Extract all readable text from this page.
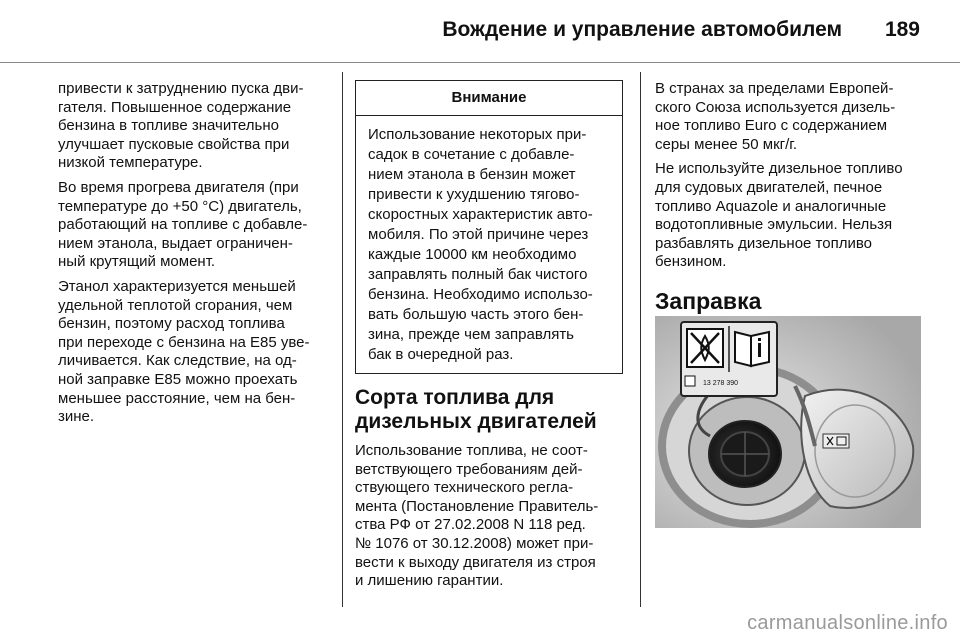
Вождение и управление автомобилем 189

привести к затруднению пуска дви-
гателя. Повышенное содержание
бензина в топливе значительно
улучшает пусковые свойства при
низкой температуре.

Во время прогрева двигателя (при
температуре до +50 °C) двигатель,
работающий на топливе с добавле-
нием этанола, выдает ограничен-
ный крутящий момент.

Этанол характеризуется меньшей
удельной теплотой сгорания, чем
бензин, поэтому расход топлива
при переходе с бензина на E85 уве-
личивается. Как следствие, на од-
ной заправке E85 можно проехать
меньшее расстояние, чем на бен-
зине.

Внимание
Использование некоторых при-
садок в сочетание с добавле-
нием этанола в бензин может
привести к ухудшению тягово-
скоростных характеристик авто-
мобиля. По этой причине через
каждые 10000 км необходимо
заправлять полный бак чистого
бензина. Необходимо использо-
вать большую часть этого бен-
зина, прежде чем заправлять
бак в очередной раз.
Сорта топлива для
дизельных двигателей

Использование топлива, не соот-
ветствующего требованиям дей-
ствующего технического регла-
мента (Постановление Правитель-
ства РФ от 27.02.2008 N 118 ред.
№ 1076 от 30.12.2008) может при-
вести к выходу двигателя из строя
и лишению гарантии.

В странах за пределами Европей-
ского Союза используется дизель-
ное топливо Euro с содержанием
серы менее 50 мкг/г.

Не используйте дизельное топливо
для судовых двигателей, печное
топливо Aquazole и аналогичные
водотопливные эмульсии. Нельзя
разбавлять дизельное топливо
бензином.

Заправка
13 278 390
carmanualsonline.info
